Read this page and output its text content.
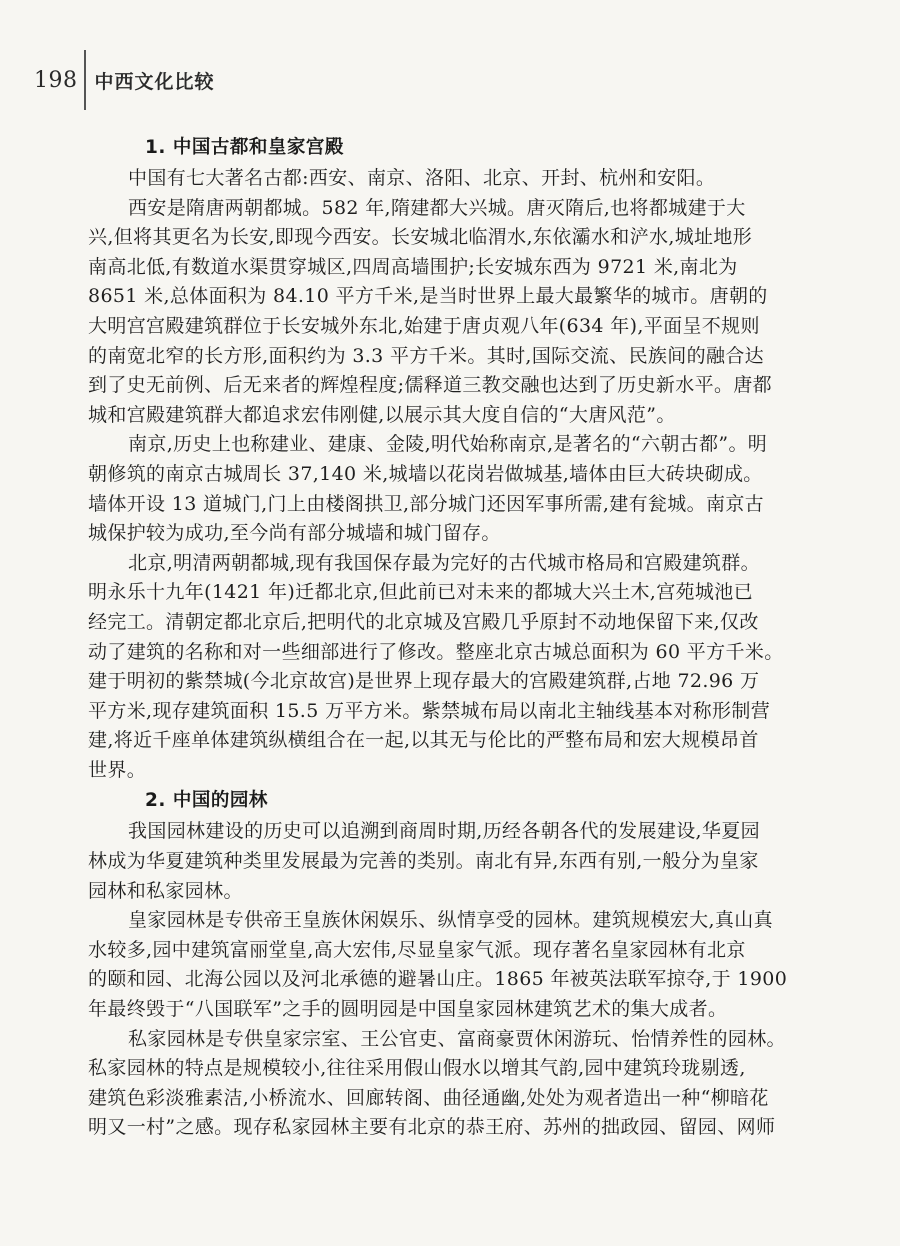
198 中西文化比较
1. 中国古都和皇家宫殿

中国有七大著名古都:西安、南京、洛阳、北京、开封、杭州和安阳。

西安是隋唐两朝都城。582 年,隋建都大兴城。唐灭隋后,也将都城建于大
兴,但将其更名为长安,即现今西安。长安城北临渭水,东依灞水和浐水,城址地形
南高北低,有数道水渠贯穿城区,四周高墙围护;长安城东西为 9721 米,南北为
8651 米,总体面积为 84.10 平方千米,是当时世界上最大最繁华的城市。唐朝的
大明宫宫殿建筑群位于长安城外东北,始建于唐贞观八年(634 年),平面呈不规则
的南宽北窄的长方形,面积约为 3.3 平方千米。其时,国际交流、民族间的融合达
到了史无前例、后无来者的辉煌程度;儒释道三教交融也达到了历史新水平。唐都
城和宫殿建筑群大都追求宏伟刚健,以展示其大度自信的“大唐风范”。

南京,历史上也称建业、建康、金陵,明代始称南京,是著名的“六朝古都”。明
朝修筑的南京古城周长 37,140 米,城墙以花岗岩做城基,墙体由巨大砖块砌成。
墙体开设 13 道城门,门上由楼阁拱卫,部分城门还因军事所需,建有瓮城。南京古
城保护较为成功,至今尚有部分城墙和城门留存。

北京,明清两朝都城,现有我国保存最为完好的古代城市格局和宫殿建筑群。
明永乐十九年(1421 年)迁都北京,但此前已对未来的都城大兴土木,宫苑城池已
经完工。清朝定都北京后,把明代的北京城及宫殿几乎原封不动地保留下来,仅改
动了建筑的名称和对一些细部进行了修改。整座北京古城总面积为 60 平方千米。
建于明初的紫禁城(今北京故宫)是世界上现存最大的宫殿建筑群,占地 72.96 万
平方米,现存建筑面积 15.5 万平方米。紫禁城布局以南北主轴线基本对称形制营
建,将近千座单体建筑纵横组合在一起,以其无与伦比的严整布局和宏大规模昂首
世界。

2. 中国的园林

我国园林建设的历史可以追溯到商周时期,历经各朝各代的发展建设,华夏园
林成为华夏建筑种类里发展最为完善的类别。南北有异,东西有别,一般分为皇家
园林和私家园林。

皇家园林是专供帝王皇族休闲娱乐、纵情享受的园林。建筑规模宏大,真山真
水较多,园中建筑富丽堂皇,高大宏伟,尽显皇家气派。现存著名皇家园林有北京
的颐和园、北海公园以及河北承德的避暑山庄。1865 年被英法联军掠夺,于 1900
年最终毁于“八国联军”之手的圆明园是中国皇家园林建筑艺术的集大成者。

私家园林是专供皇家宗室、王公官吏、富商豪贾休闲游玩、怡情养性的园林。
私家园林的特点是规模较小,往往采用假山假水以增其气韵,园中建筑玲珑剔透,
建筑色彩淡雅素洁,小桥流水、回廊转阁、曲径通幽,处处为观者造出一种“柳暗花
明又一村”之感。现存私家园林主要有北京的恭王府、苏州的拙政园、留园、网师
